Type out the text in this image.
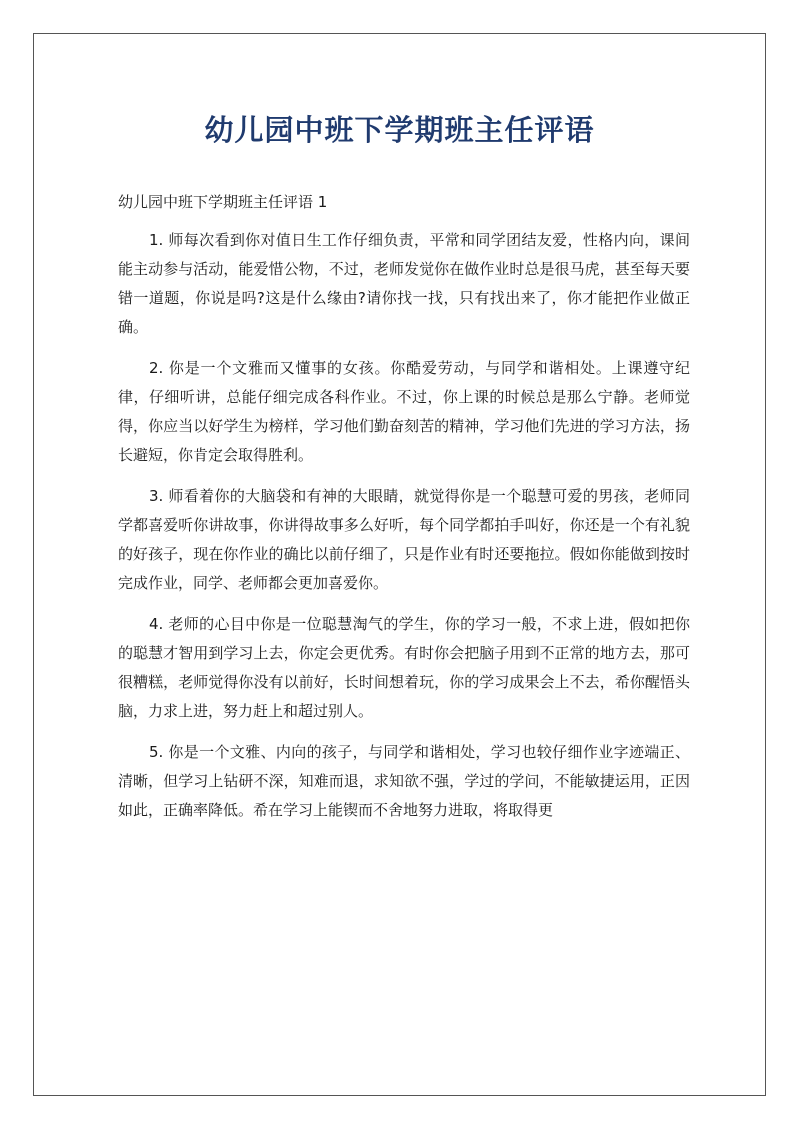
幼儿园中班下学期班主任评语

幼儿园中班下学期班主任评语 1

1. 师每次看到你对值日生工作仔细负责，平常和同学团结友爱，性格内向，课间能主动参与活动，能爱惜公物，不过，老师发觉你在做作业时总是很马虎，甚至每天要错一道题，你说是吗?这是什么缘由?请你找一找，只有找出来了，你才能把作业做正确。

2. 你是一个文雅而又懂事的女孩。你酷爱劳动，与同学和谐相处。上课遵守纪律，仔细听讲，总能仔细完成各科作业。不过，你上课的时候总是那么宁静。老师觉得，你应当以好学生为榜样，学习他们勤奋刻苦的精神，学习他们先进的学习方法，扬长避短，你肯定会取得胜利。

3. 师看着你的大脑袋和有神的大眼睛，就觉得你是一个聪慧可爱的男孩，老师同学都喜爱听你讲故事，你讲得故事多么好听，每个同学都拍手叫好，你还是一个有礼貌的好孩子，现在你作业的确比以前仔细了，只是作业有时还要拖拉。假如你能做到按时完成作业，同学、老师都会更加喜爱你。

4. 老师的心目中你是一位聪慧淘气的学生，你的学习一般，不求上进，假如把你的聪慧才智用到学习上去，你定会更优秀。有时你会把脑子用到不正常的地方去，那可很糟糕，老师觉得你没有以前好，长时间想着玩，你的学习成果会上不去，希你醒悟头脑，力求上进，努力赶上和超过别人。

5. 你是一个文雅、内向的孩子，与同学和谐相处，学习也较仔细作业字迹端正、清晰，但学习上钻研不深，知难而退，求知欲不强，学过的学问，不能敏捷运用，正因如此，正确率降低。希在学习上能锲而不舍地努力进取，将取得更
